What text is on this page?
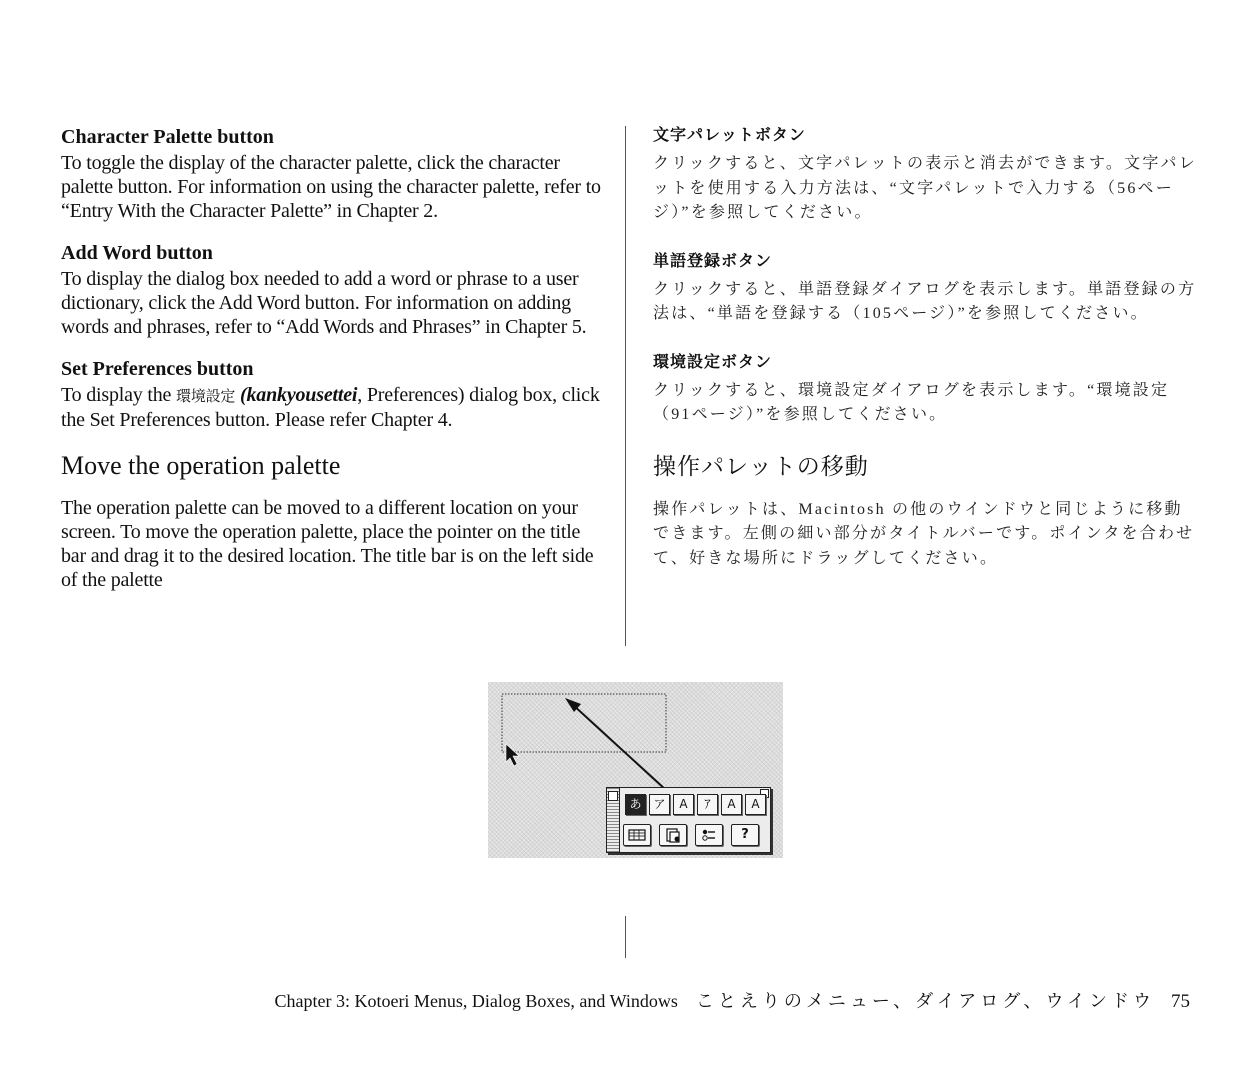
Character Palette button
To toggle the display of the character palette, click the character palette button. For information on using the character palette, refer to “Entry With the Character Palette” in Chapter 2.
Add Word button
To display the dialog box needed to add a word or phrase to a user dictionary, click the Add Word button. For information on adding words and phrases, refer to “Add Words and Phrases” in Chapter 5.
Set Preferences button
To display the 環境設定 (kankyousettei, Preferences) dialog box, click the Set Preferences button. Please refer Chapter 4.
Move the operation palette
The operation palette can be moved to a different location on your screen. To move the operation palette, place the pointer on the title bar and drag it to the desired location. The title bar is on the left side of the palette
文字パレットボタン
クリックすると、文字パレットの表示と消去ができます。文字パレットを使用する入力方法は、“文字パレットで入力する（56ページ）”を参照してください。
単語登録ボタン
クリックすると、単語登録ダイアログを表示します。単語登録の方法は、“単語を登録する（105ページ）”を参照してください。
環境設定ボタン
クリックすると、環境設定ダイアログを表示します。“環境設定（91ページ）”を参照してください。
操作パレットの移動
操作パレットは、Macintosh の他のウインドウと同じように移動できます。左側の細い部分がタイトルバーです。ポインタを合わせて、好きな場所にドラッグしてください。
あ ア	A	ｱ	A	A
?
Chapter 3: Kotoeri Menus, Dialog Boxes, and Windows ことえりのメニュー、ダイアログ、ウインドウ 75
